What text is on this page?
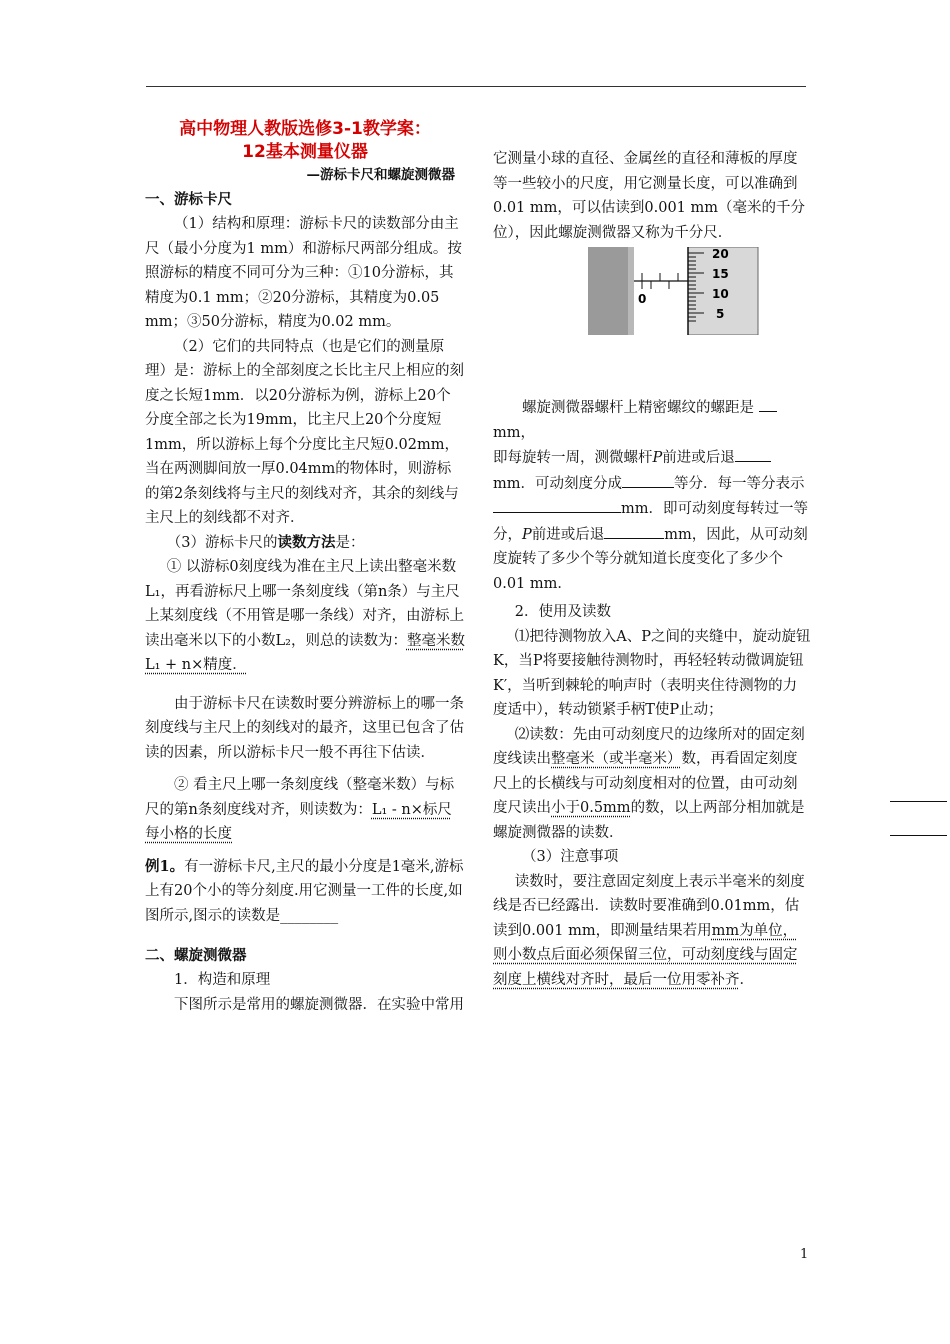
高中物理人教版选修3-1教学案：
12基本测量仪器
—游标卡尺和螺旋测微器
一、游标卡尺

（1）结构和原理：游标卡尺的读数部分由主尺（最小分度为1 mm）和游标尺两部分组成。按照游标的精度不同可分为三种：①10分游标，其精度为0.1 mm；②20分游标，其精度为0.05 mm；③50分游标，精度为0.02 mm。

（2）它们的共同特点（也是它们的测量原理）是：游标上的全部刻度之长比主尺上相应的刻度之长短1mm．以20分游标为例，游标上20个分度全部之长为19mm，比主尺上20个分度短1mm，所以游标上每个分度比主尺短0.02mm，当在两测脚间放一厚0.04mm的物体时，则游标的第2条刻线将与主尺的刻线对齐，其余的刻线与主尺上的刻线都不对齐．

（3）游标卡尺的读数方法是：

① 以游标0刻度线为准在主尺上读出整毫米数L₁，再看游标尺上哪一条刻度线（第n条）与主尺上某刻度线（不用管是哪一条线）对齐，由游标上读出毫米以下的小数L₂，则总的读数为：整毫米数 L₁ + n×精度．

由于游标卡尺在读数时要分辨游标上的哪一条刻度线与主尺上的刻线对的最齐，这里已包含了估读的因素，所以游标卡尺一般不再往下估读．

② 看主尺上哪一条刻度线（整毫米数）与标尺的第n条刻度线对齐，则读数为：L₁ - n×标尺每小格的长度

例1。有一游标卡尺,主尺的最小分度是1毫米,游标上有20个小的等分刻度.用它测量一工件的长度,如图所示,图示的读数是________

二、螺旋测微器

1．构造和原理

下图所示是常用的螺旋测微器．在实验中常用

它测量小球的直径、金属丝的直径和薄板的厚度等一些较小的尺度，用它测量长度，可以准确到0.01 mm，可以估读到0.001 mm（毫米的千分位），因此螺旋测微器又称为千分尺．

0
20
15
10
5

螺旋测微器螺杆上精密螺纹的螺距是
mm，

即每旋转一周，测微螺杆P前进或后退 mm．可动刻度分成	等分．每一等分表示mm．即可动刻度每转过一等分，P前进或后退	mm，因此，从可动刻度旋转了多少个等分就知道长度变化了多少个0.01 mm．

2．使用及读数

⑴把待测物放入A、P之间的夹缝中，旋动旋钮K，当P将要接触待测物时，再轻轻转动微调旋钮K′，当听到棘轮的响声时（表明夹住待测物的力度适中），转动锁紧手柄T使P止动；

⑵读数：先由可动刻度尺的边缘所对的固定刻度线读出整毫米（或半毫米）数，再看固定刻度尺上的长横线与可动刻度相对的位置，由可动刻度尺读出小于0.5mm的数，以上两部分相加就是螺旋测微器的读数．

（3）注意事项

读数时，要注意固定刻度上表示半毫米的刻度线是否已经露出．读数时要准确到0.01mm，估读到0.001 mm，即测量结果若用mm为单位，则小数点后面必须保留三位，可动刻度线与固定刻度上横线对齐时，最后一位用零补齐．

1
